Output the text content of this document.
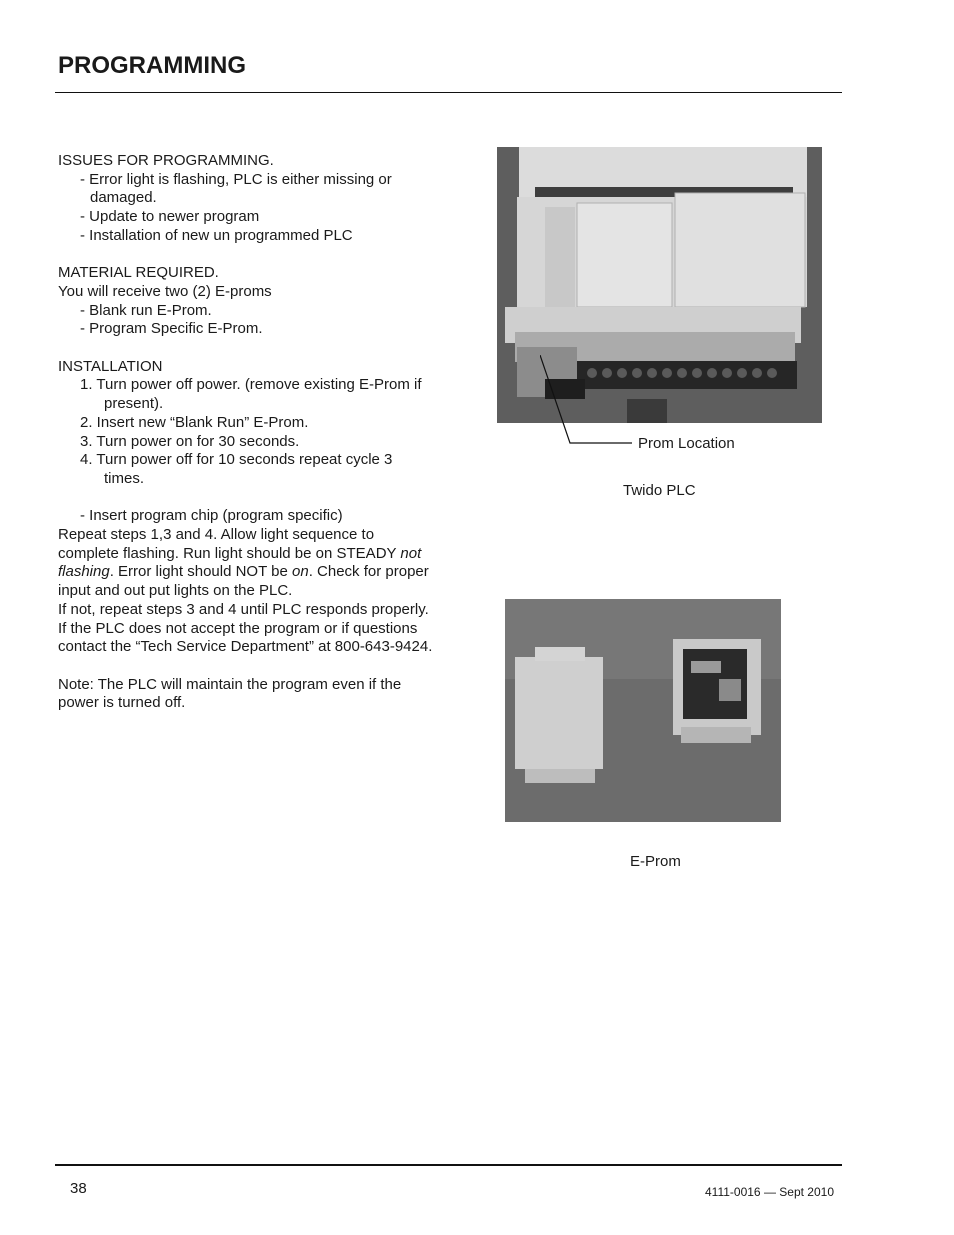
PROGRAMMING

ISSUES FOR PROGRAMMING.

- Error light is flashing, PLC is either missing or

damaged.

- Update to newer program

- Installation of new un programmed PLC

MATERIAL REQUIRED.

You will receive two (2) E-proms

- Blank run E-Prom.

- Program Specific E-Prom.

INSTALLATION

1. Turn power off power. (remove existing E-Prom if

present).

2. Insert new “Blank Run” E-Prom.

3. Turn power on for 30 seconds.

4. Turn power off for 10 seconds repeat cycle 3

times.

- Insert program chip (program specific)

Repeat steps 1,3 and 4. Allow light sequence to

complete flashing. Run light should be on STEADY not

flashing. Error light should NOT be on. Check for proper

input and out put lights on the PLC.

If not, repeat steps 3 and 4 until PLC responds properly.

If the PLC does not accept the program or if questions

contact the “Tech Service Department” at 800-643-9424.

Note: The PLC will maintain the program even if the

power is turned off.

Prom Location
Twido PLC
E-Prom
38	4111-0016 — Sept 2010
